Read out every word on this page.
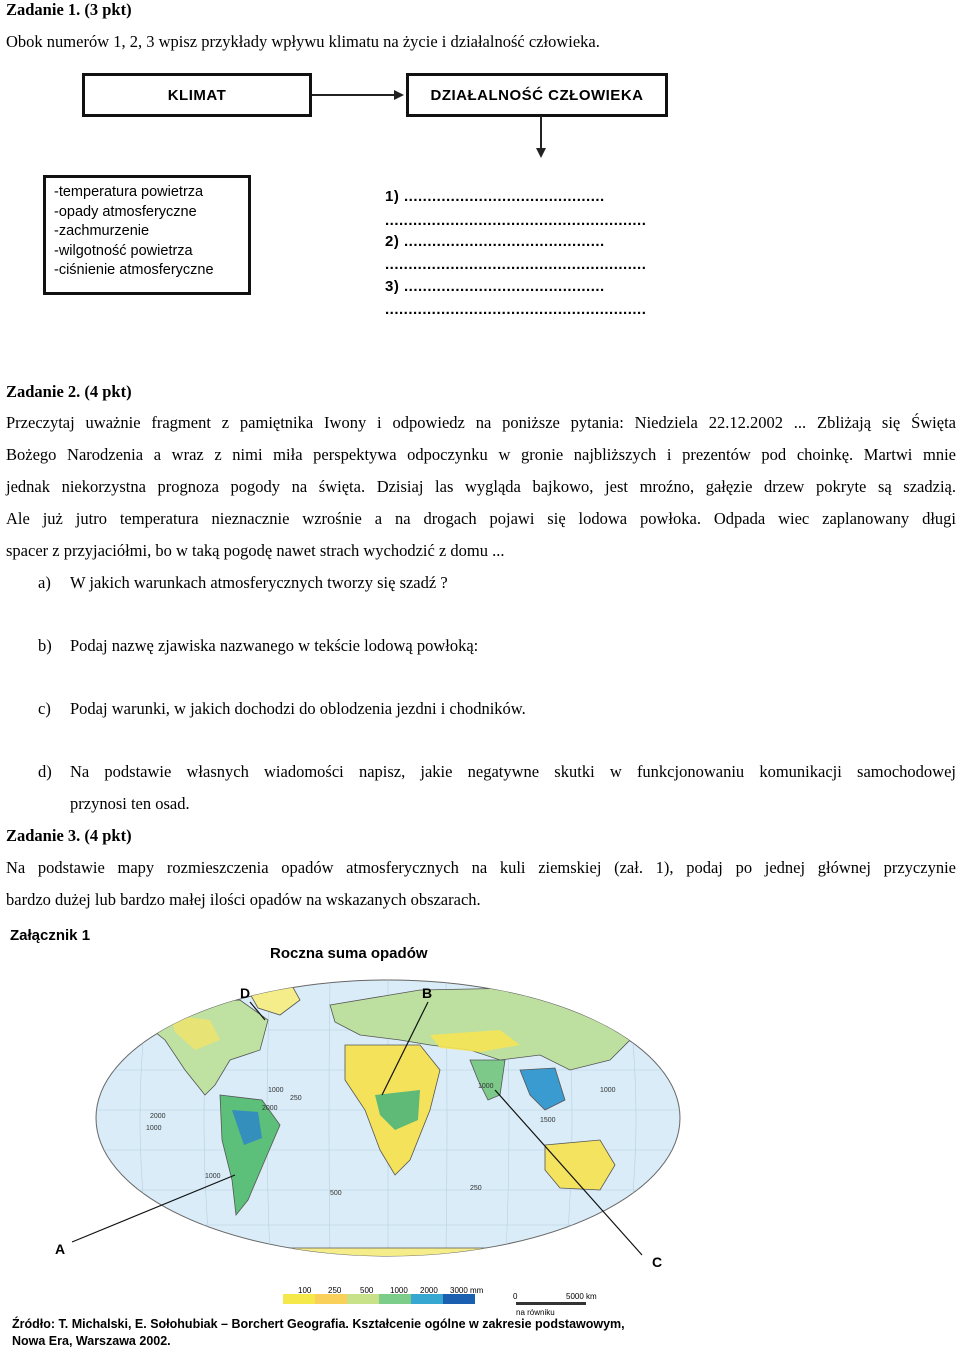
Zadanie 1. (3 pkt)
Obok numerów 1, 2, 3 wpisz przykłady wpływu klimatu na życie i działalność człowieka.
KLIMAT	DZIAŁALNOŚĆ CZŁOWIEKA
-temperatura powietrza
-opady atmosferyczne
-zachmurzenie
-wilgotność powietrza
-ciśnienie atmosferyczne
1) ...........................................
........................................................
2) ...........................................
........................................................
3) ...........................................
........................................................
Zadanie 2. (4 pkt)
Przeczytaj uważnie fragment z pamiętnika Iwony i odpowiedz na poniższe pytania: Niedziela 22.12.2002 ... Zbliżają się Święta
Bożego Narodzenia a wraz z nimi miła perspektywa odpoczynku w gronie najbliższych i prezentów pod choinkę. Martwi mnie
jednak niekorzystna prognoza pogody na święta. Dzisiaj las wygląda bajkowo, jest mroźno, gałęzie drzew pokryte są szadzią.
Ale już jutro temperatura nieznacznie wzrośnie a na drogach pojawi się lodowa powłoka. Odpada wiec zaplanowany długi
spacer z przyjaciółmi, bo w taką pogodę nawet strach wychodzić z domu ...
a) W jakich warunkach atmosferycznych tworzy się szadź ?
b) Podaj nazwę zjawiska nazwanego w tekście lodową powłoką:
c) Podaj warunki, w jakich dochodzi do oblodzenia jezdni i chodników.
d) Na podstawie własnych wiadomości napisz, jakie negatywne skutki w funkcjonowaniu komunikacji samochodowej
przynosi ten osad.
Zadanie 3. (4 pkt)
Na podstawie mapy rozmieszczenia opadów atmosferycznych na kuli ziemskiej (zał. 1), podaj po jednej głównej przyczynie
bardzo dużej lub bardzo małej ilości opadów na wskazanych obszarach.
Załącznik 1
Roczna suma opadów
1000
2000
2000
250
1000
1000
1500
1000
1000
500
250
D	B
A
C
100 250 500 1000 2000 3000 mm
0	5000 km
na równiku
Źródło: T. Michalski, E. Sołohubiak – Borchert Geografia. Kształcenie ogólne w zakresie podstawowym,
Nowa Era, Warszawa 2002.
